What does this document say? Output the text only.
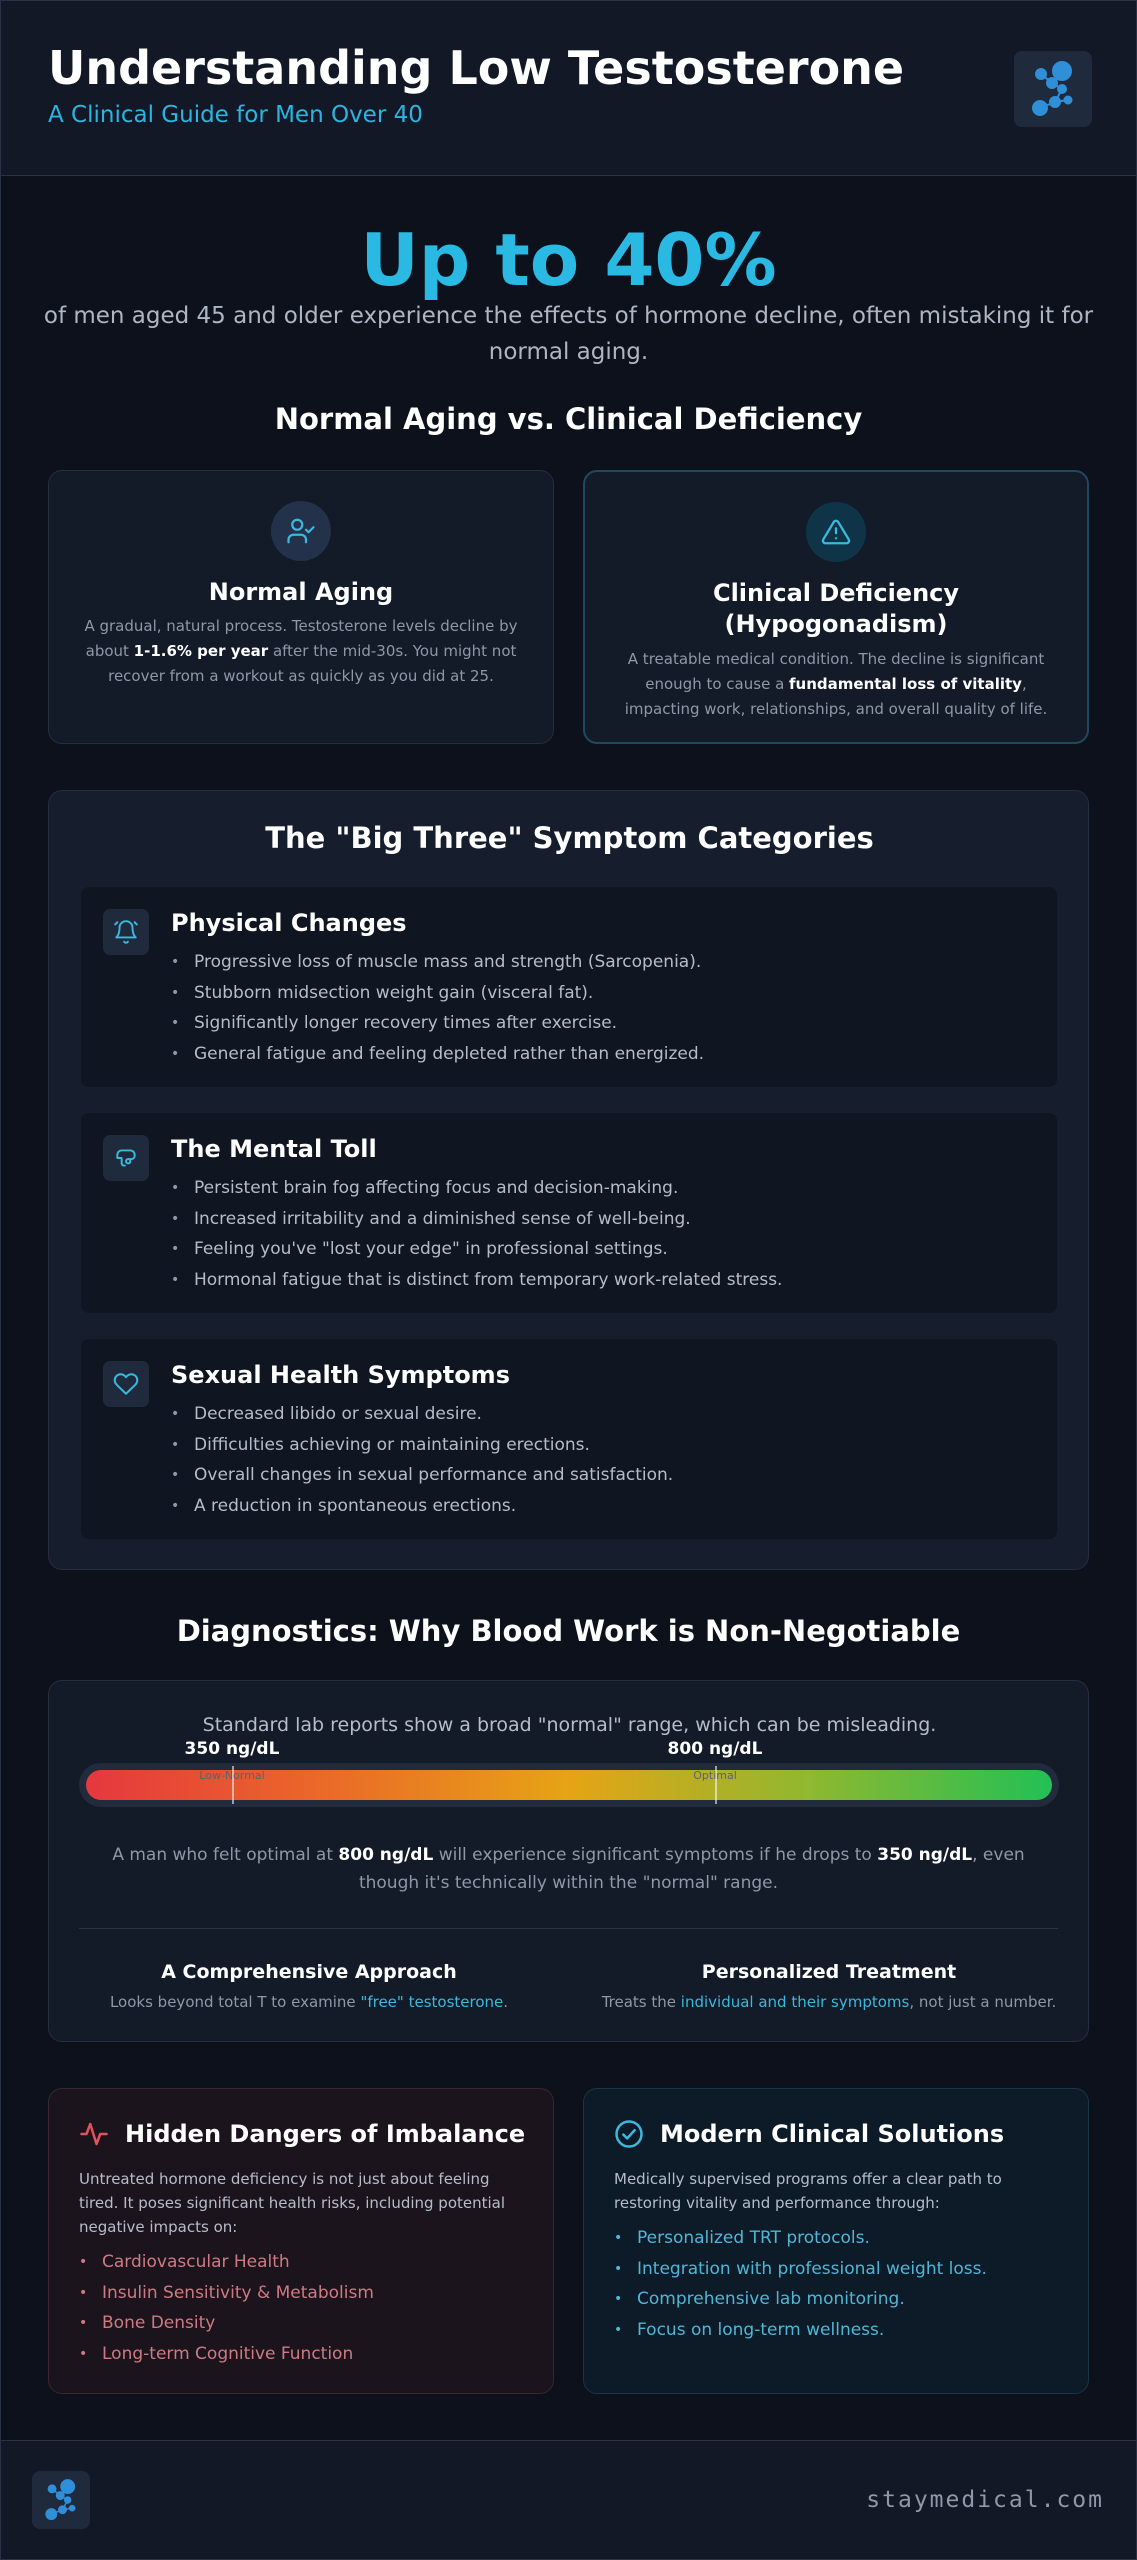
Understanding Low Testosterone
A Clinical Guide for Men Over 40
Up to 40%
of men aged 45 and older experience the effects of hormone decline, often mistaking it for normal aging.
Normal Aging vs. Clinical Deficiency
Normal Aging
A gradual, natural process. Testosterone levels decline by about 1-1.6% per year after the mid-30s. You might not recover from a workout as quickly as you did at 25.
Clinical Deficiency
(Hypogonadism)
A treatable medical condition. The decline is significant enough to cause a fundamental loss of vitality, impacting work, relationships, and overall quality of life.
The "Big Three" Symptom Categories
Physical Changes
• Progressive loss of muscle mass and strength (Sarcopenia).
• Stubborn midsection weight gain (visceral fat).
• Significantly longer recovery times after exercise.
• General fatigue and feeling depleted rather than energized.
The Mental Toll
• Persistent brain fog affecting focus and decision-making.
• Increased irritability and a diminished sense of well-being.
• Feeling you've "lost your edge" in professional settings.
• Hormonal fatigue that is distinct from temporary work-related stress.
Sexual Health Symptoms
• Decreased libido or sexual desire.
• Difficulties achieving or maintaining erections.
• Overall changes in sexual performance and satisfaction.
• A reduction in spontaneous erections.
Diagnostics: Why Blood Work is Non-Negotiable
Standard lab reports show a broad "normal" range, which can be misleading.
350 ng/dL	800 ng/dL
Low-Normal	Optimal
A man who felt optimal at 800 ng/dL will experience significant symptoms if he drops to 350 ng/dL, even though it's technically within the "normal" range.
A Comprehensive Approach
Looks beyond total T to examine "free" testosterone.
Personalized Treatment
Treats the individual and their symptoms, not just a number.
Hidden Dangers of Imbalance
Untreated hormone deficiency is not just about feeling tired. It poses significant health risks, including potential negative impacts on:
• Cardiovascular Health
• Insulin Sensitivity & Metabolism
• Bone Density
• Long-term Cognitive Function
Modern Clinical Solutions
Medically supervised programs offer a clear path to restoring vitality and performance through:
• Personalized TRT protocols.
• Integration with professional weight loss.
• Comprehensive lab monitoring.
• Focus on long-term wellness.
staymedical.com
